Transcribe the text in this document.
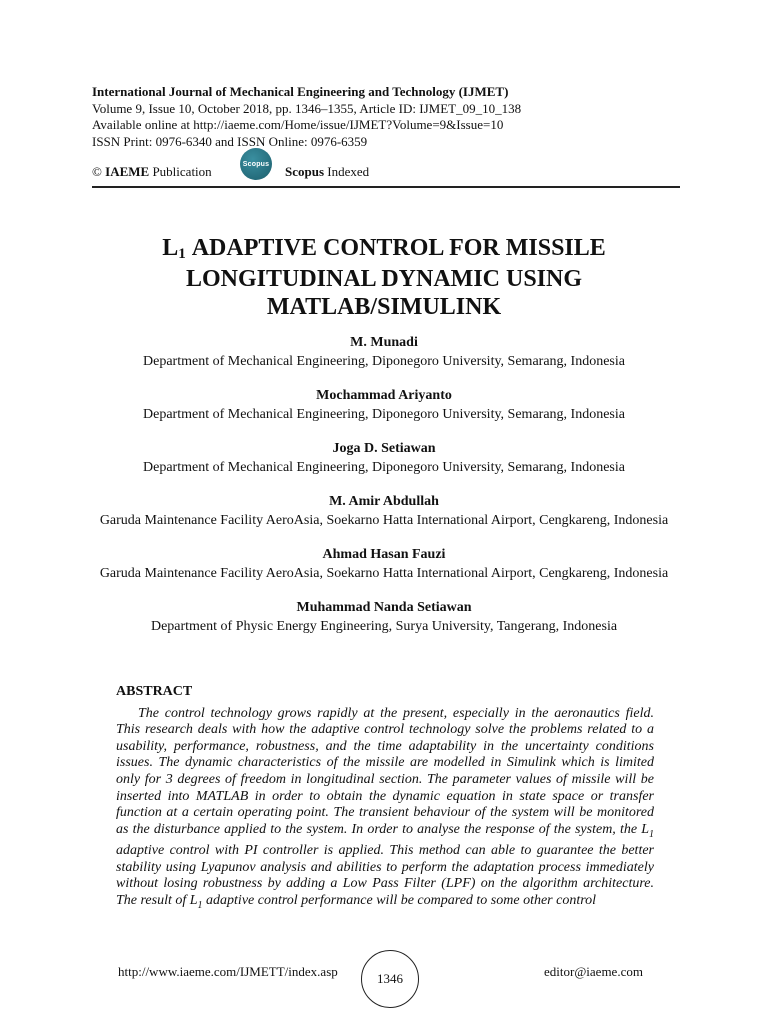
International Journal of Mechanical Engineering and Technology (IJMET)
Volume 9, Issue 10, October 2018, pp. 1346–1355, Article ID: IJMET_09_10_138
Available online at http://iaeme.com/Home/issue/IJMET?Volume=9&Issue=10
ISSN Print: 0976-6340 and ISSN Online: 0976-6359
© IAEME Publication	Scopus Scopus Indexed
$L_1$ ADAPTIVE CONTROL FOR MISSILE
LONGITUDINAL DYNAMIC USING
MATLAB/SIMULINK
M. Munadi
Department of Mechanical Engineering, Diponegoro University, Semarang, Indonesia
Mochammad Ariyanto
Department of Mechanical Engineering, Diponegoro University, Semarang, Indonesia
Joga D. Setiawan
Department of Mechanical Engineering, Diponegoro University, Semarang, Indonesia
M. Amir Abdullah
Garuda Maintenance Facility AeroAsia, Soekarno Hatta International Airport, Cengkareng, Indonesia
Ahmad Hasan Fauzi
Garuda Maintenance Facility AeroAsia, Soekarno Hatta International Airport, Cengkareng, Indonesia
Muhammad Nanda Setiawan
Department of Physic Energy Engineering, Surya University, Tangerang, Indonesia
ABSTRACT
The control technology grows rapidly at the present, especially in the aeronautics field. This research deals with how the adaptive control technology solve the problems related to a usability, performance, robustness, and the time adaptability in the uncertainty conditions issues. The dynamic characteristics of the missile are modelled in Simulink which is limited only for 3 degrees of freedom in longitudinal section. The parameter values of missile will be inserted into MATLAB in order to obtain the dynamic equation in state space or transfer function at a certain operating point. The transient behaviour of the system will be monitored as the disturbance applied to the system. In order to analyse the response of the system, the $L_1$ adaptive control with PI controller is applied. This method can able to guarantee the better stability using Lyapunov analysis and abilities to perform the adaptation process immediately without losing robustness by adding a Low Pass Filter (LPF) on the algorithm architecture. The result of $L_1$ adaptive control performance will be compared to some other control
http://www.iaeme.com/IJMETT/index.asp	1346	editor@iaeme.com
